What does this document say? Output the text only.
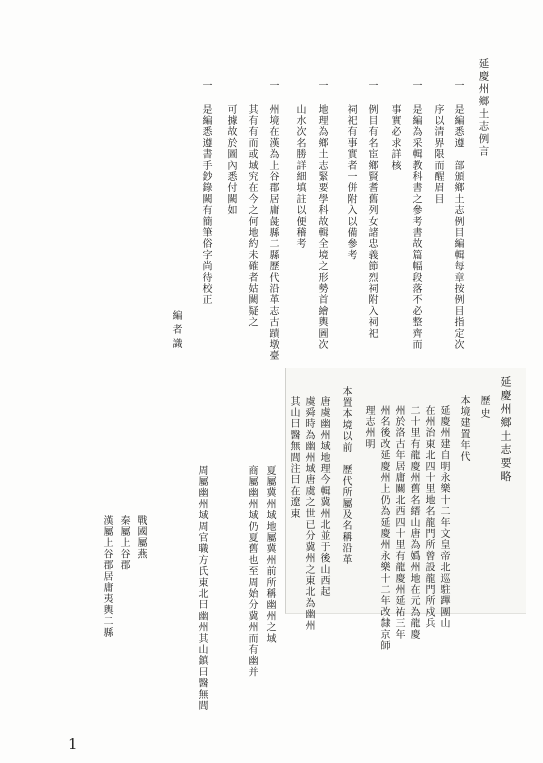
延慶州鄉土志例言
一
是編悉遵　部頒鄉土志例目編輯每章按例目指定次
序以清界限而醒眉目
一
是編為采輯教科書之參考書故篇幅段落不必整齊而
事實必求詳核
一
例目有名宦鄉賢耆舊列女諸忠義節烈祠附入祠祀
祠祀有事實者一併附入以備參考
一
地理為鄉土志緊要學科故輯全境之形勢首繪輿圖次
山水次名勝詳細填註以便稽考
一
州境在漢為上谷郡居庸彘縣二縣歷代沿革志古蹟墩臺
其有有而或域究在今之何地約未確者姑闕疑之
可據故於圖內悉付闕如
一
是編悉遵書手鈔錄闕有簡筆俗字尚待校正
編者識
延慶州鄉土志要略
歷史
本境建置年代
延慶州建自明永樂十二年文皇帝北巡駐蹕團山
在州治東北四十里地名龍門所曾設龍門所戍兵
二十里有龍慶州舊名縉山唐為嬀州地在元為龍慶
州於洛古年居庸關北西四十里有龍慶州延祐三年
州名後改延慶州上仍為延慶州永樂十二年改隸京師
理志州明
本置本境以前　歷代所屬及名稱沿革
唐虞幽州域地理今輯冀州北並于後山西起
虞舜時為幽州域唐虞之世已分冀州之東北為幽州
其山曰醫無閭注曰在遼東
夏屬冀州域地屬冀州前所稱幽州之域
商屬幽州域仍夏舊也至周始分冀州而有幽并
周屬幽州域周官職方氏東北曰幽州其山鎮曰醫無閭
戰國屬燕
秦屬上谷郡
漢屬上谷郡居庸夷輿二縣
1
